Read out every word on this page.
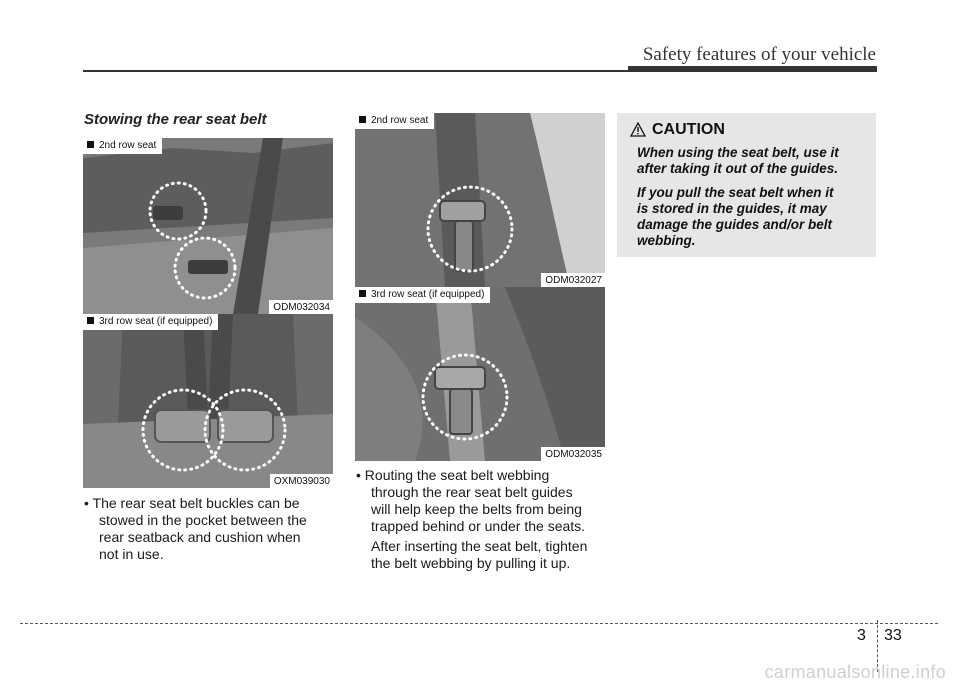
Safety features of your vehicle
Stowing the rear seat belt
2nd row seat
ODM032034
3rd row seat (if equipped)
OXM039030
2nd row seat
ODM032027
3rd row seat (if equipped)
ODM032035
• The rear seat belt buckles can be
stowed in the pocket between the
rear seatback and cushion when
not in use.
• Routing the seat belt webbing
through the rear seat belt guides
will help keep the belts from being
trapped behind or under the seats.
After inserting the seat belt, tighten
the belt webbing by pulling it up.
CAUTION
When using the seat belt, use it
after taking it out of the guides.
If you pull the seat belt when it
is stored in the guides, it may
damage the guides and/or belt
webbing.
3 33
carmanualsonline.info
